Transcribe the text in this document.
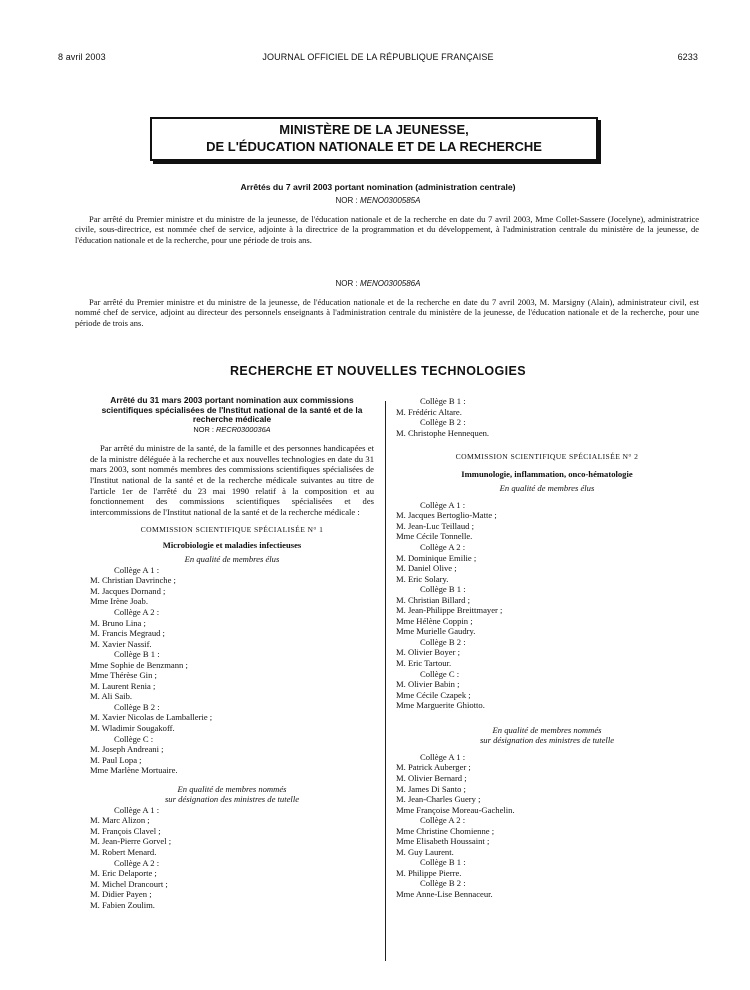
8 avril 2003	JOURNAL OFFICIEL DE LA RÉPUBLIQUE FRANÇAISE	6233
MINISTÈRE DE LA JEUNESSE,
DE L'ÉDUCATION NATIONALE ET DE LA RECHERCHE
Arrêtés du 7 avril 2003 portant nomination (administration centrale)
NOR : MENO0300585A
Par arrêté du Premier ministre et du ministre de la jeunesse, de l'éducation nationale et de la recherche en date du 7 avril 2003, Mme Collet-Sassere (Jocelyne), administratrice civile, sous-directrice, est nommée chef de service, adjointe à la directrice de la programmation et du développement, à l'administration centrale du ministère de la jeunesse, de l'éducation nationale et de la recherche, pour une période de trois ans.
NOR : MENO0300586A
Par arrêté du Premier ministre et du ministre de la jeunesse, de l'éducation nationale et de la recherche en date du 7 avril 2003, M. Marsigny (Alain), administrateur civil, est nommé chef de service, adjoint au directeur des personnels enseignants à l'administration centrale du ministère de la jeunesse, de l'éducation nationale et de la recherche, pour une période de trois ans.
RECHERCHE ET NOUVELLES TECHNOLOGIES
Arrêté du 31 mars 2003 portant nomination aux commissions scientifiques spécialisées de l'Institut national de la santé et de la recherche médicale
NOR : RECR0300036A
Par arrêté du ministre de la santé, de la famille et des personnes handicapées et de la ministre déléguée à la recherche et aux nouvelles technologies en date du 31 mars 2003, sont nommés membres des commissions scientifiques spécialisées de l'Institut national de la santé et de la recherche médicale suivantes au titre de l'article 1er de l'arrêté du 23 mai 1990 relatif à la composition et au fonctionnement des commissions scientifiques spécialisées et des intercommissions de l'Institut national de la santé et de la recherche médicale :
COMMISSION SCIENTIFIQUE SPÉCIALISÉE N° 1
Microbiologie et maladies infectieuses
En qualité de membres élus
Collège A 1 :
M. Christian Davrinche ;
M. Jacques Dornand ;
Mme Irène Joab.
Collège A 2 :
M. Bruno Lina ;
M. Francis Megraud ;
M. Xavier Nassif.
Collège B 1 :
Mme Sophie de Benzmann ;
Mme Thérèse Gin ;
M. Laurent Renia ;
M. Ali Saib.
Collège B 2 :
M. Xavier Nicolas de Lamballerie ;
M. Wladimir Sougakoff.
Collège C :
M. Joseph Andreani ;
M. Paul Lopa ;
Mme Marlène Mortuaire.
En qualité de membres nommés
sur désignation des ministres de tutelle
Collège A 1 :
M. Marc Alizon ;
M. François Clavel ;
M. Jean-Pierre Gorvel ;
M. Robert Menard.
Collège A 2 :
M. Eric Delaporte ;
M. Michel Drancourt ;
M. Didier Payen ;
M. Fabien Zoulim.
Collège B 1 :
M. Frédéric Altare.
Collège B 2 :
M. Christophe Hennequen.
COMMISSION SCIENTIFIQUE SPÉCIALISÉE N° 2
Immunologie, inflammation, onco-hématologie
En qualité de membres élus
Collège A 1 :
M. Jacques Bertoglio-Matte ;
M. Jean-Luc Teillaud ;
Mme Cécile Tonnelle.
Collège A 2 :
M. Dominique Emilie ;
M. Daniel Olive ;
M. Eric Solary.
Collège B 1 :
M. Christian Billard ;
M. Jean-Philippe Breittmayer ;
Mme Hélène Coppin ;
Mme Murielle Gaudry.
Collège B 2 :
M. Olivier Boyer ;
M. Eric Tartour.
Collège C :
M. Olivier Babin ;
Mme Cécile Czapek ;
Mme Marguerite Ghiotto.
En qualité de membres nommés
sur désignation des ministres de tutelle
Collège A 1 :
M. Patrick Auberger ;
M. Olivier Bernard ;
M. James Di Santo ;
M. Jean-Charles Guery ;
Mme Françoise Moreau-Gachelin.
Collège A 2 :
Mme Christine Chomienne ;
Mme Elisabeth Houssaint ;
M. Guy Laurent.
Collège B 1 :
M. Philippe Pierre.
Collège B 2 :
Mme Anne-Lise Bennaceur.
